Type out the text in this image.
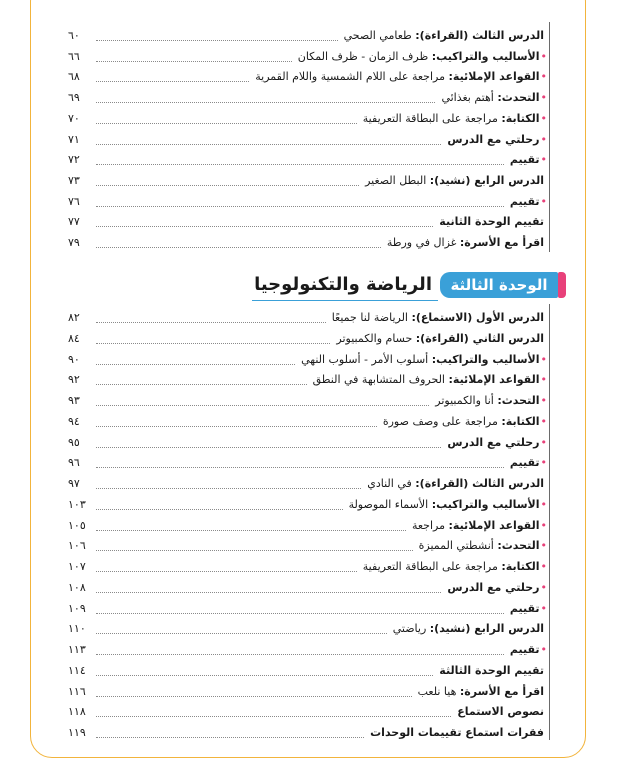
الدرس الثالث (القراءة): طعامي الصحي
٦٠
•
الأساليب والتراكيب: ظرف الزمان - ظرف المكان
٦٦
•
القواعد الإملائية: مراجعة على اللام الشمسية واللام القمرية
٦٨
•
التحدث: أهتم بغذائي
٦٩
•
الكتابة: مراجعة على البطاقة التعريفية
٧٠
•
رحلتي مع الدرس
٧١
•
تقييم
٧٢
الدرس الرابع (نشيد): البطل الصغير
٧٣
•
تقييم
٧٦
تقييم الوحدة الثانية
٧٧
اقرأ مع الأسرة: غزال في ورطة
٧٩
الوحدة الثالثة
الرياضة والتكنولوجيا
الدرس الأول (الاستماع): الرياضة لنا جميعًا
٨٢
الدرس الثاني (القراءة): حسام والكمبيوتر
٨٤
•
الأساليب والتراكيب: أسلوب الأمر - أسلوب النهي
٩٠
•
القواعد الإملائية: الحروف المتشابهة في النطق
٩٢
•
التحدث: أنا والكمبيوتر
٩٣
•
الكتابة: مراجعة على وصف صورة
٩٤
•
رحلتي مع الدرس
٩٥
•
تقييم
٩٦
الدرس الثالث (القراءة): في النادي
٩٧
•
الأساليب والتراكيب: الأسماء الموصولة
١٠٣
•
القواعد الإملائية: مراجعة
١٠٥
•
التحدث: أنشطتي المميزة
١٠٦
•
الكتابة: مراجعة على البطاقة التعريفية
١٠٧
•
رحلتي مع الدرس
١٠٨
•
تقييم
١٠٩
الدرس الرابع (نشيد): رياضتي
١١٠
•
تقييم
١١٣
تقييم الوحدة الثالثة
١١٤
اقرأ مع الأسرة: هيا نلعب
١١٦
نصوص الاستماع
١١٨
فقرات استماع تقييمات الوحدات
١١٩
